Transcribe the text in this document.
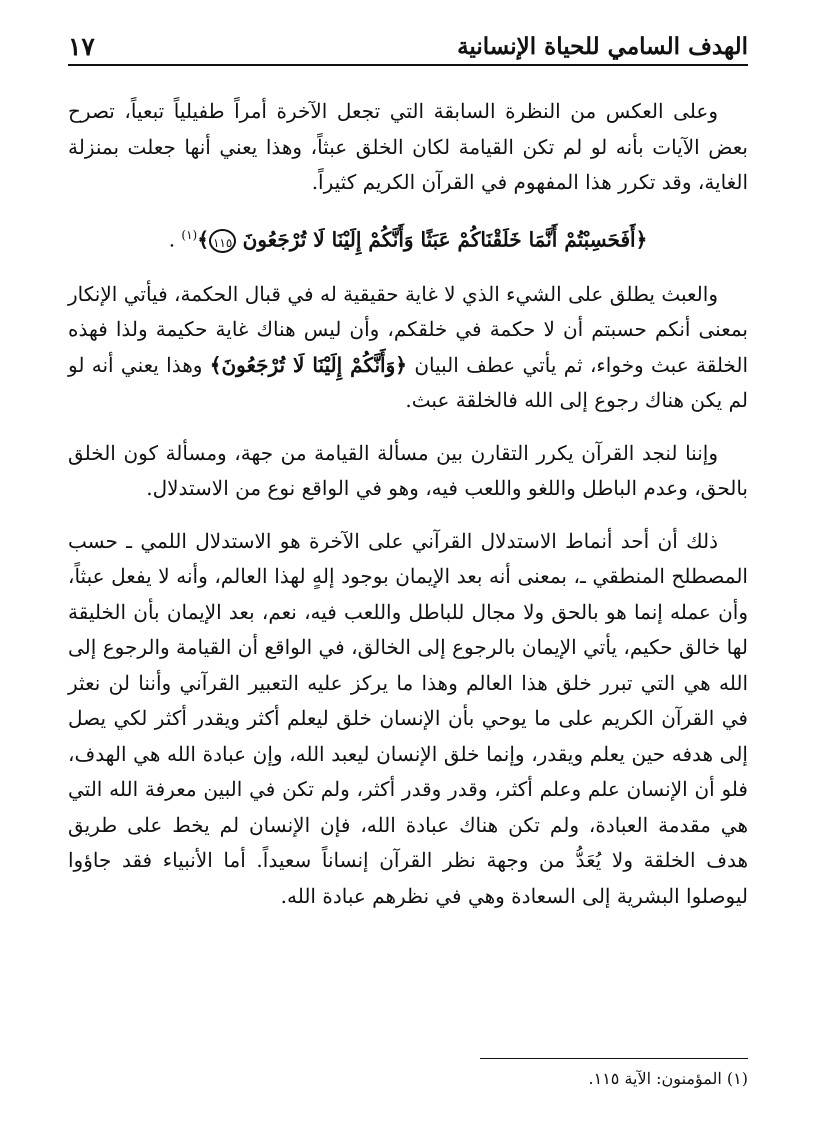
الهدف السامي للحياة الإنسانية
١٧

وعلى العكس من النظرة السابقة التي تجعل الآخرة أمراً طفيلياً تبعياً، تصرح بعض الآيات بأنه لو لم تكن القيامة لكان الخلق عبثاً، وهذا يعني أنها جعلت بمنزلة الغاية، وقد تكرر هذا المفهوم في القرآن الكريم كثيراً.

﴿أَفَحَسِبْتُمْ أَنَّمَا خَلَقْنَاكُمْ عَبَثًا وَأَنَّكُمْ إِلَيْنَا لَا تُرْجَعُونَ ١١٥﴾$^{(١)}$ .

والعبث يطلق على الشيء الذي لا غاية حقيقية له في قبال الحكمة، فيأتي الإنكار بمعنى أنكم حسبتم أن لا حكمة في خلقكم، وأن ليس هناك غاية حكيمة ولذا فهذه الخلقة عبث وخواء، ثم يأتي عطف البيان ﴿وَأَنَّكُمْ إِلَيْنَا لَا تُرْجَعُونَ﴾ وهذا يعني أنه لو لم يكن هناك رجوع إلى الله فالخلقة عبث.

وإننا لنجد القرآن يكرر التقارن بين مسألة القيامة من جهة، ومسألة كون الخلق بالحق، وعدم الباطل واللغو واللعب فيه، وهو في الواقع نوع من الاستدلال.

ذلك أن أحد أنماط الاستدلال القرآني على الآخرة هو الاستدلال اللمي ـ حسب المصطلح المنطقي ـ، بمعنى أنه بعد الإيمان بوجود إلهٍ لهذا العالم، وأنه لا يفعل عبثاً، وأن عمله إنما هو بالحق ولا مجال للباطل واللعب فيه، نعم، بعد الإيمان بأن الخليقة لها خالق حكيم، يأتي الإيمان بالرجوع إلى الخالق، في الواقع أن القيامة والرجوع إلى الله هي التي تبرر خلق هذا العالم وهذا ما يركز عليه التعبير القرآني وأننا لن نعثر في القرآن الكريم على ما يوحي بأن الإنسان خلق ليعلم أكثر ويقدر أكثر لكي يصل إلى هدفه حين يعلم ويقدر، وإنما خلق الإنسان ليعبد الله، وإن عبادة الله هي الهدف، فلو أن الإنسان علم وعلم أكثر، وقدر وقدر أكثر، ولم تكن في البين معرفة الله التي هي مقدمة العبادة، ولم تكن هناك عبادة الله، فإن الإنسان لم يخط على طريق هدف الخلقة ولا يُعَدُّ من وجهة نظر القرآن إنساناً سعيداً. أما الأنبياء فقد جاؤوا ليوصلوا البشرية إلى السعادة وهي في نظرهم عبادة الله.

(١) المؤمنون: الآية ١١٥.
